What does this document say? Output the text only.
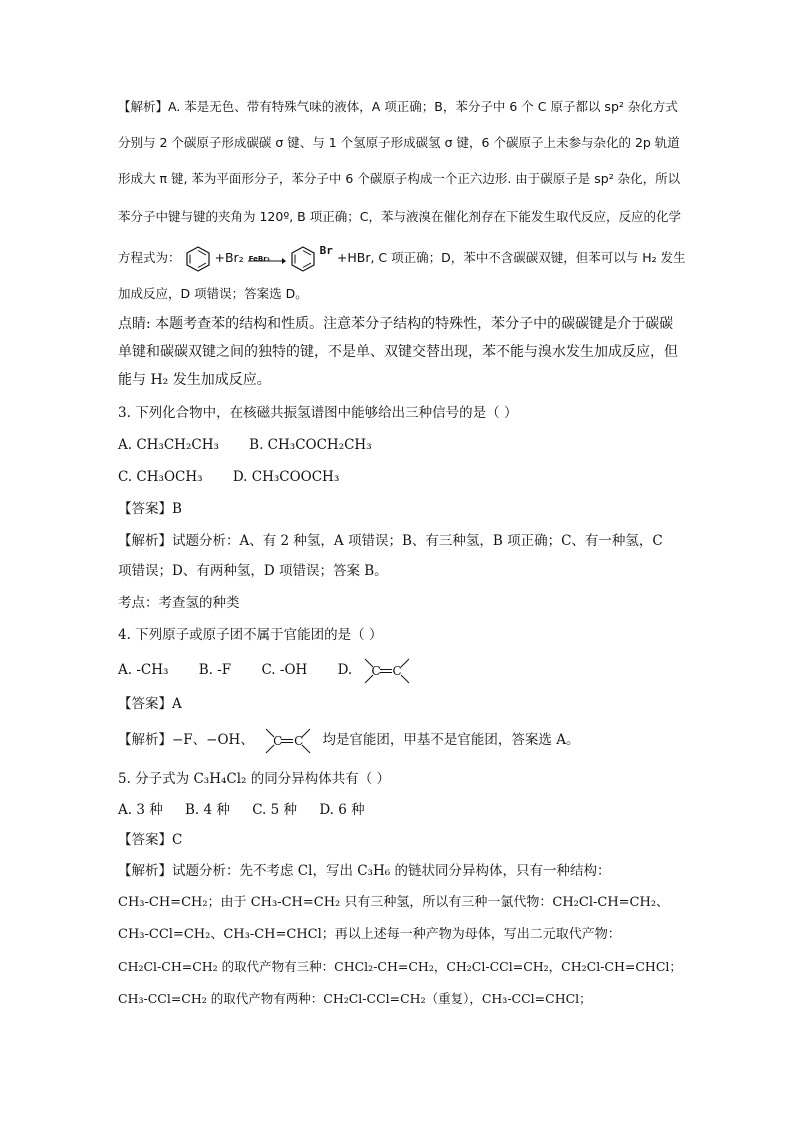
【解析】A. 苯是无色、带有特殊气味的液体，A 项正确；B，苯分子中 6 个 C 原子都以 sp² 杂化方式
分别与 2 个碳原子形成碳碳 σ 键、与 1 个氢原子形成碳氢 σ 键，6 个碳原子上未参与杂化的 2p 轨道
形成大 π 键, 苯为平面形分子，苯分子中 6 个碳原子构成一个正六边形. 由于碳原子是 sp² 杂化，所以
苯分子中键与键的夹角为 120º, B 项正确；C，苯与液溴在催化剂存在下能发生取代反应，反应的化学
方程式为：	+Br₂ FeBr₃
Br +HBr, C 项正确；D，苯中不含碳碳双键，但苯可以与 H₂ 发生
加成反应，D 项错误；答案选 D。
点睛: 本题考查苯的结构和性质。注意苯分子结构的特殊性，苯分子中的碳碳键是介于碳碳
单键和碳碳双键之间的独特的键，不是单、双键交替出现，苯不能与溴水发生加成反应，但
能与 H₂ 发生加成反应。
3. 下列化合物中，在核磁共振氢谱图中能够给出三种信号的是（ ）
A. CH₃CH₂CH₃ B. CH₃COCH₂CH₃
C. CH₃OCH₃ D. CH₃COOCH₃
【答案】B
【解析】试题分析：A、有 2 种氢，A 项错误；B、有三种氢，B 项正确；C、有一种氢，C
项错误；D、有两种氢，D 项错误；答案 B。
考点：考查氢的种类
4. 下列原子或原子团不属于官能团的是（ ）
A. -CH₃ B. -F C. -OH D. C C
【答案】A
【解析】−F、−OH、 C C 均是官能团，甲基不是官能团，答案选 A。
5. 分子式为 C₃H₄Cl₂ 的同分异构体共有（ ）
A. 3 种 B. 4 种 C. 5 种 D. 6 种
【答案】C
【解析】试题分析：先不考虑 Cl，写出 C₃H₆ 的链状同分异构体，只有一种结构：
CH₃-CH=CH₂；由于 CH₃-CH=CH₂ 只有三种氢，所以有三种一氯代物：CH₂Cl-CH=CH₂、
CH₃-CCl=CH₂、CH₃-CH=CHCl；再以上述每一种产物为母体，写出二元取代产物：
CH₂Cl-CH=CH₂ 的取代产物有三种：CHCl₂-CH=CH₂，CH₂Cl-CCl=CH₂，CH₂Cl-CH=CHCl；
CH₃-CCl=CH₂ 的取代产物有两种：CH₂Cl-CCl=CH₂（重复），CH₃-CCl=CHCl；
